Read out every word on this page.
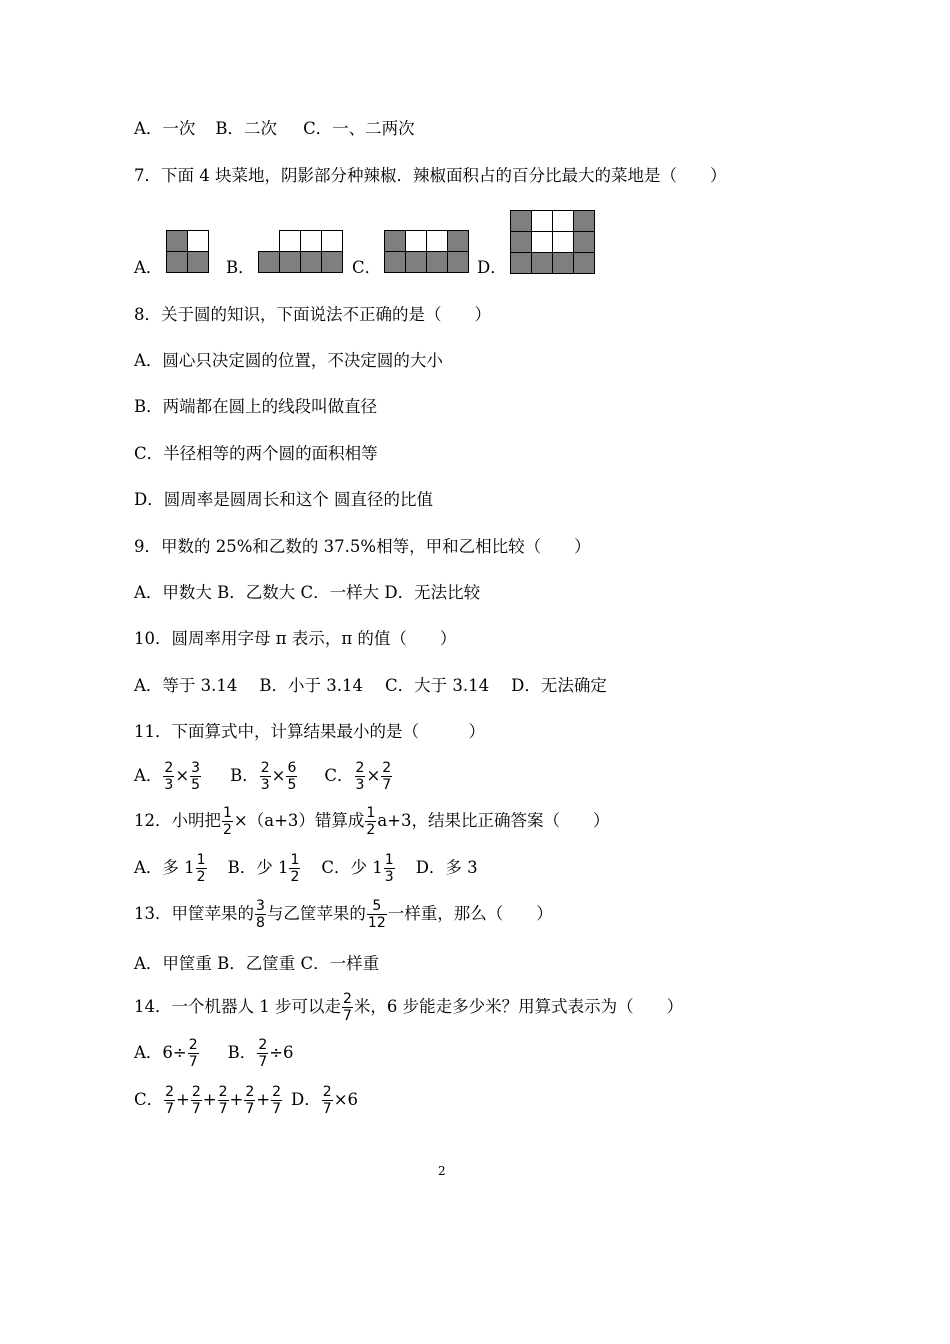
A．一次 B．二次 C．一、二两次
7．下面 4 块菜地，阴影部分种辣椒．辣椒面积占的百分比最大的菜地是（　　）
A．	B．	C．	D．
8．关于圆的知识，下面说法不正确的是（　　）
A．圆心只决定圆的位置，不决定圆的大小
B．两端都在圆上的线段叫做直径
C．半径相等的两个圆的面积相等
D．圆周率是圆周长和这个 圆直径的比值
9．甲数的 25%和乙数的 37.5%相等，甲和乙相比较（　　）
A．甲数大 B．乙数大 C．一样大 D．无法比较
10．圆周率用字母 π 表示，π 的值（　　）
A．等于 3.14 B．小于 3.14 C．大于 3.14 D．无法确定
11．下面算式中，计算结果最小的是（　　　）
A． $\frac{2}{3} \times \frac{3}{5}$ B． $\frac{2}{3} \times \frac{6}{5}$ C． $\frac{2}{3} \times \frac{2}{7}$
12．小明把 $\frac{1}{2} \times(a+3)$错算成 $\frac{1}{2} a+3$，结果比正确答案（　　）
A．多 $1 \frac{1}{2}$ B．少 $1 \frac{1}{2}$ C．少 $1 \frac{1}{3}$ D．多 3
13．甲筐苹果的 $\frac{3}{8}$ 与乙筐苹果的 $\frac{5}{12}$ 一样重，那么（　　）
A．甲筐重 B．乙筐重 C．一样重
14．一个机器人 1 步可以走 $\frac{2}{7}$ 米，6 步能走多少米？用算式表示为（　　）
A．$6\div \frac{2}{7}$ B． $\frac{2}{7} \div 6$
C． $\frac{2}{7} + \frac{2}{7} + \frac{2}{7} + \frac{2}{7} + \frac{2}{7}$ D． $\frac{2}{7} \times 6$
2
